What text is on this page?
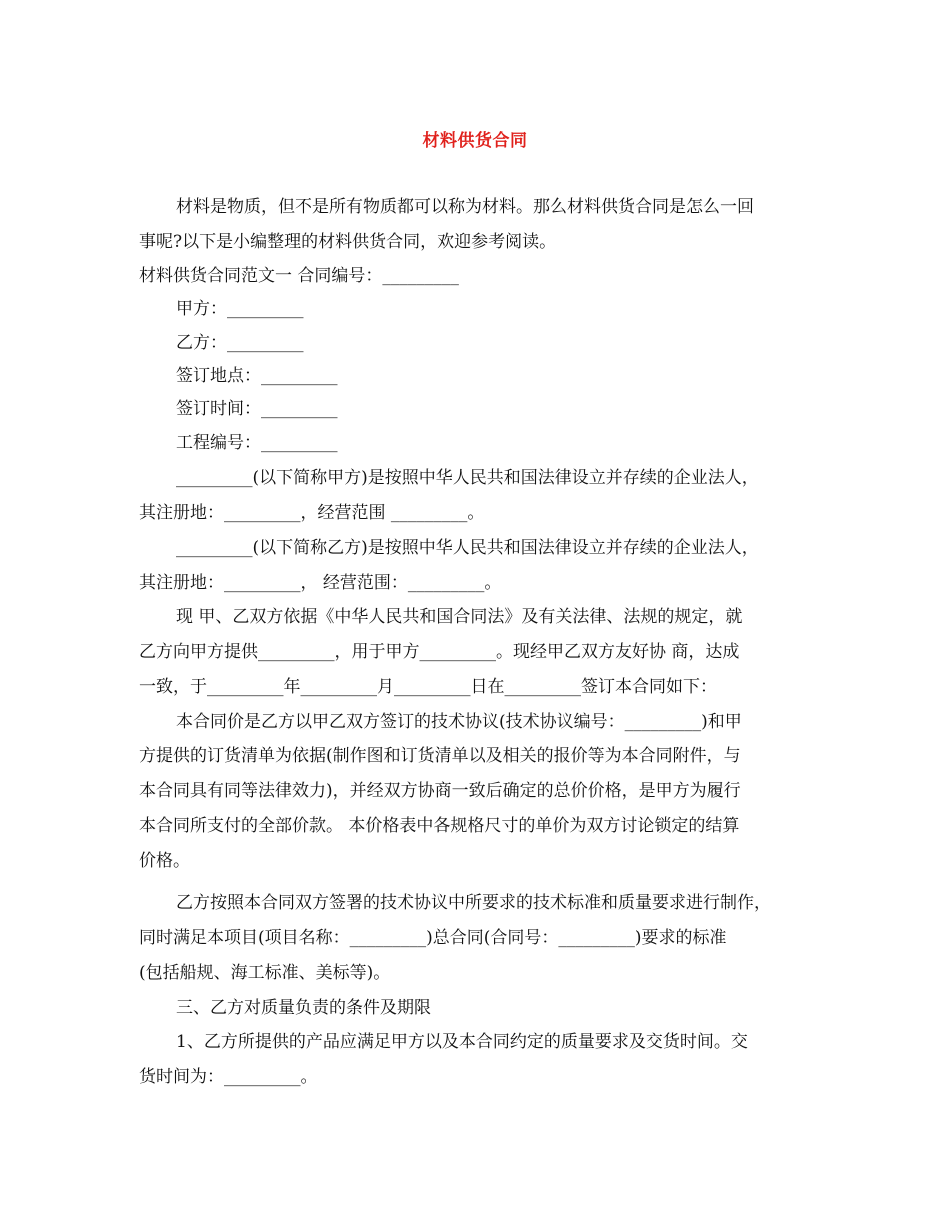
材料供货合同
材料是物质，但不是所有物质都可以称为材料。那么材料供货合同是怎么一回
事呢?以下是小编整理的材料供货合同，欢迎参考阅读。
材料供货合同范文一 合同编号：_________
甲方：_________
乙方：_________
签订地点：_________
签订时间：_________
工程编号：_________
_________(以下简称甲方)是按照中华人民共和国法律设立并存续的企业法人，
其注册地：_________，经营范围 _________。
_________(以下简称乙方)是按照中华人民共和国法律设立并存续的企业法人，
其注册地：_________， 经营范围：_________。
现 甲、乙双方依据《中华人民共和国合同法》及有关法律、法规的规定，就
乙方向甲方提供_________，用于甲方_________。现经甲乙双方友好协 商，达成
一致，于_________年_________月_________日在_________签订本合同如下：
本合同价是乙方以甲乙双方签订的技术协议(技术协议编号：_________)和甲
方提供的订货清单为依据(制作图和订货清单以及相关的报价等为本合同附件，与
本合同具有同等法律效力)，并经双方协商一致后确定的总价价格，是甲方为履行
本合同所支付的全部价款。 本价格表中各规格尺寸的单价为双方讨论锁定的结算
价格。
乙方按照本合同双方签署的技术协议中所要求的技术标准和质量要求进行制作，
同时满足本项目(项目名称：_________)总合同(合同号：_________)要求的标准
(包括船规、海工标准、美标等)。
三、乙方对质量负责的条件及期限
1、乙方所提供的产品应满足甲方以及本合同约定的质量要求及交货时间。交
货时间为：_________。
